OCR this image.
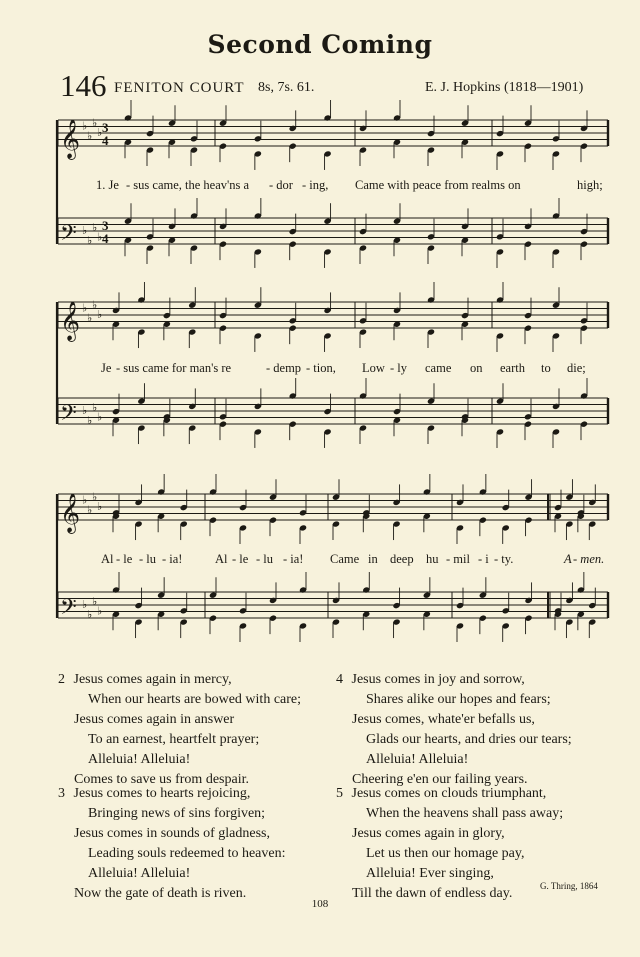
Second Coming
146 FENITON COURT 8s, 7s. 61.	E. J. Hopkins (1818—1901)
𝄞 ♭
♭
♭
♭ 3
4
𝄢 ♭
♭
♭
♭
3
4
𝄞 ♭
♭
♭
♭
𝄢 ♭
♭
♭
♭
𝄞 ♭
♭
♭
♭
𝄢 ♭
♭
♭
♭
1. Je - sus came, the heav'ns a - dor - ing, Came with peace from realms on	high;
Je - sus came for man's re	- demp - tion, Low - ly came on earth to die;
Al - le - lu - ia!	Al - le - lu - ia! Came in deep hu - mil - i - ty.	A - men.
2 Jesus comes again in mercy,
When our hearts are bowed with care;
Jesus comes again in answer
To an earnest, heartfelt prayer;
Alleluia! Alleluia!
Comes to save us from despair.
4 Jesus comes in joy and sorrow,
Shares alike our hopes and fears;
Jesus comes, whate'er befalls us,
Glads our hearts, and dries our tears;
Alleluia! Alleluia!
Cheering e'en our failing years.
3 Jesus comes to hearts rejoicing,
Bringing news of sins forgiven;
Jesus comes in sounds of gladness,
Leading souls redeemed to heaven:
Alleluia! Alleluia!
Now the gate of death is riven.
5 Jesus comes on clouds triumphant,
When the heavens shall pass away;
Jesus comes again in glory,
Let us then our homage pay,
Alleluia! Ever singing,
Till the dawn of endless day.	G. Thring, 1864
108
